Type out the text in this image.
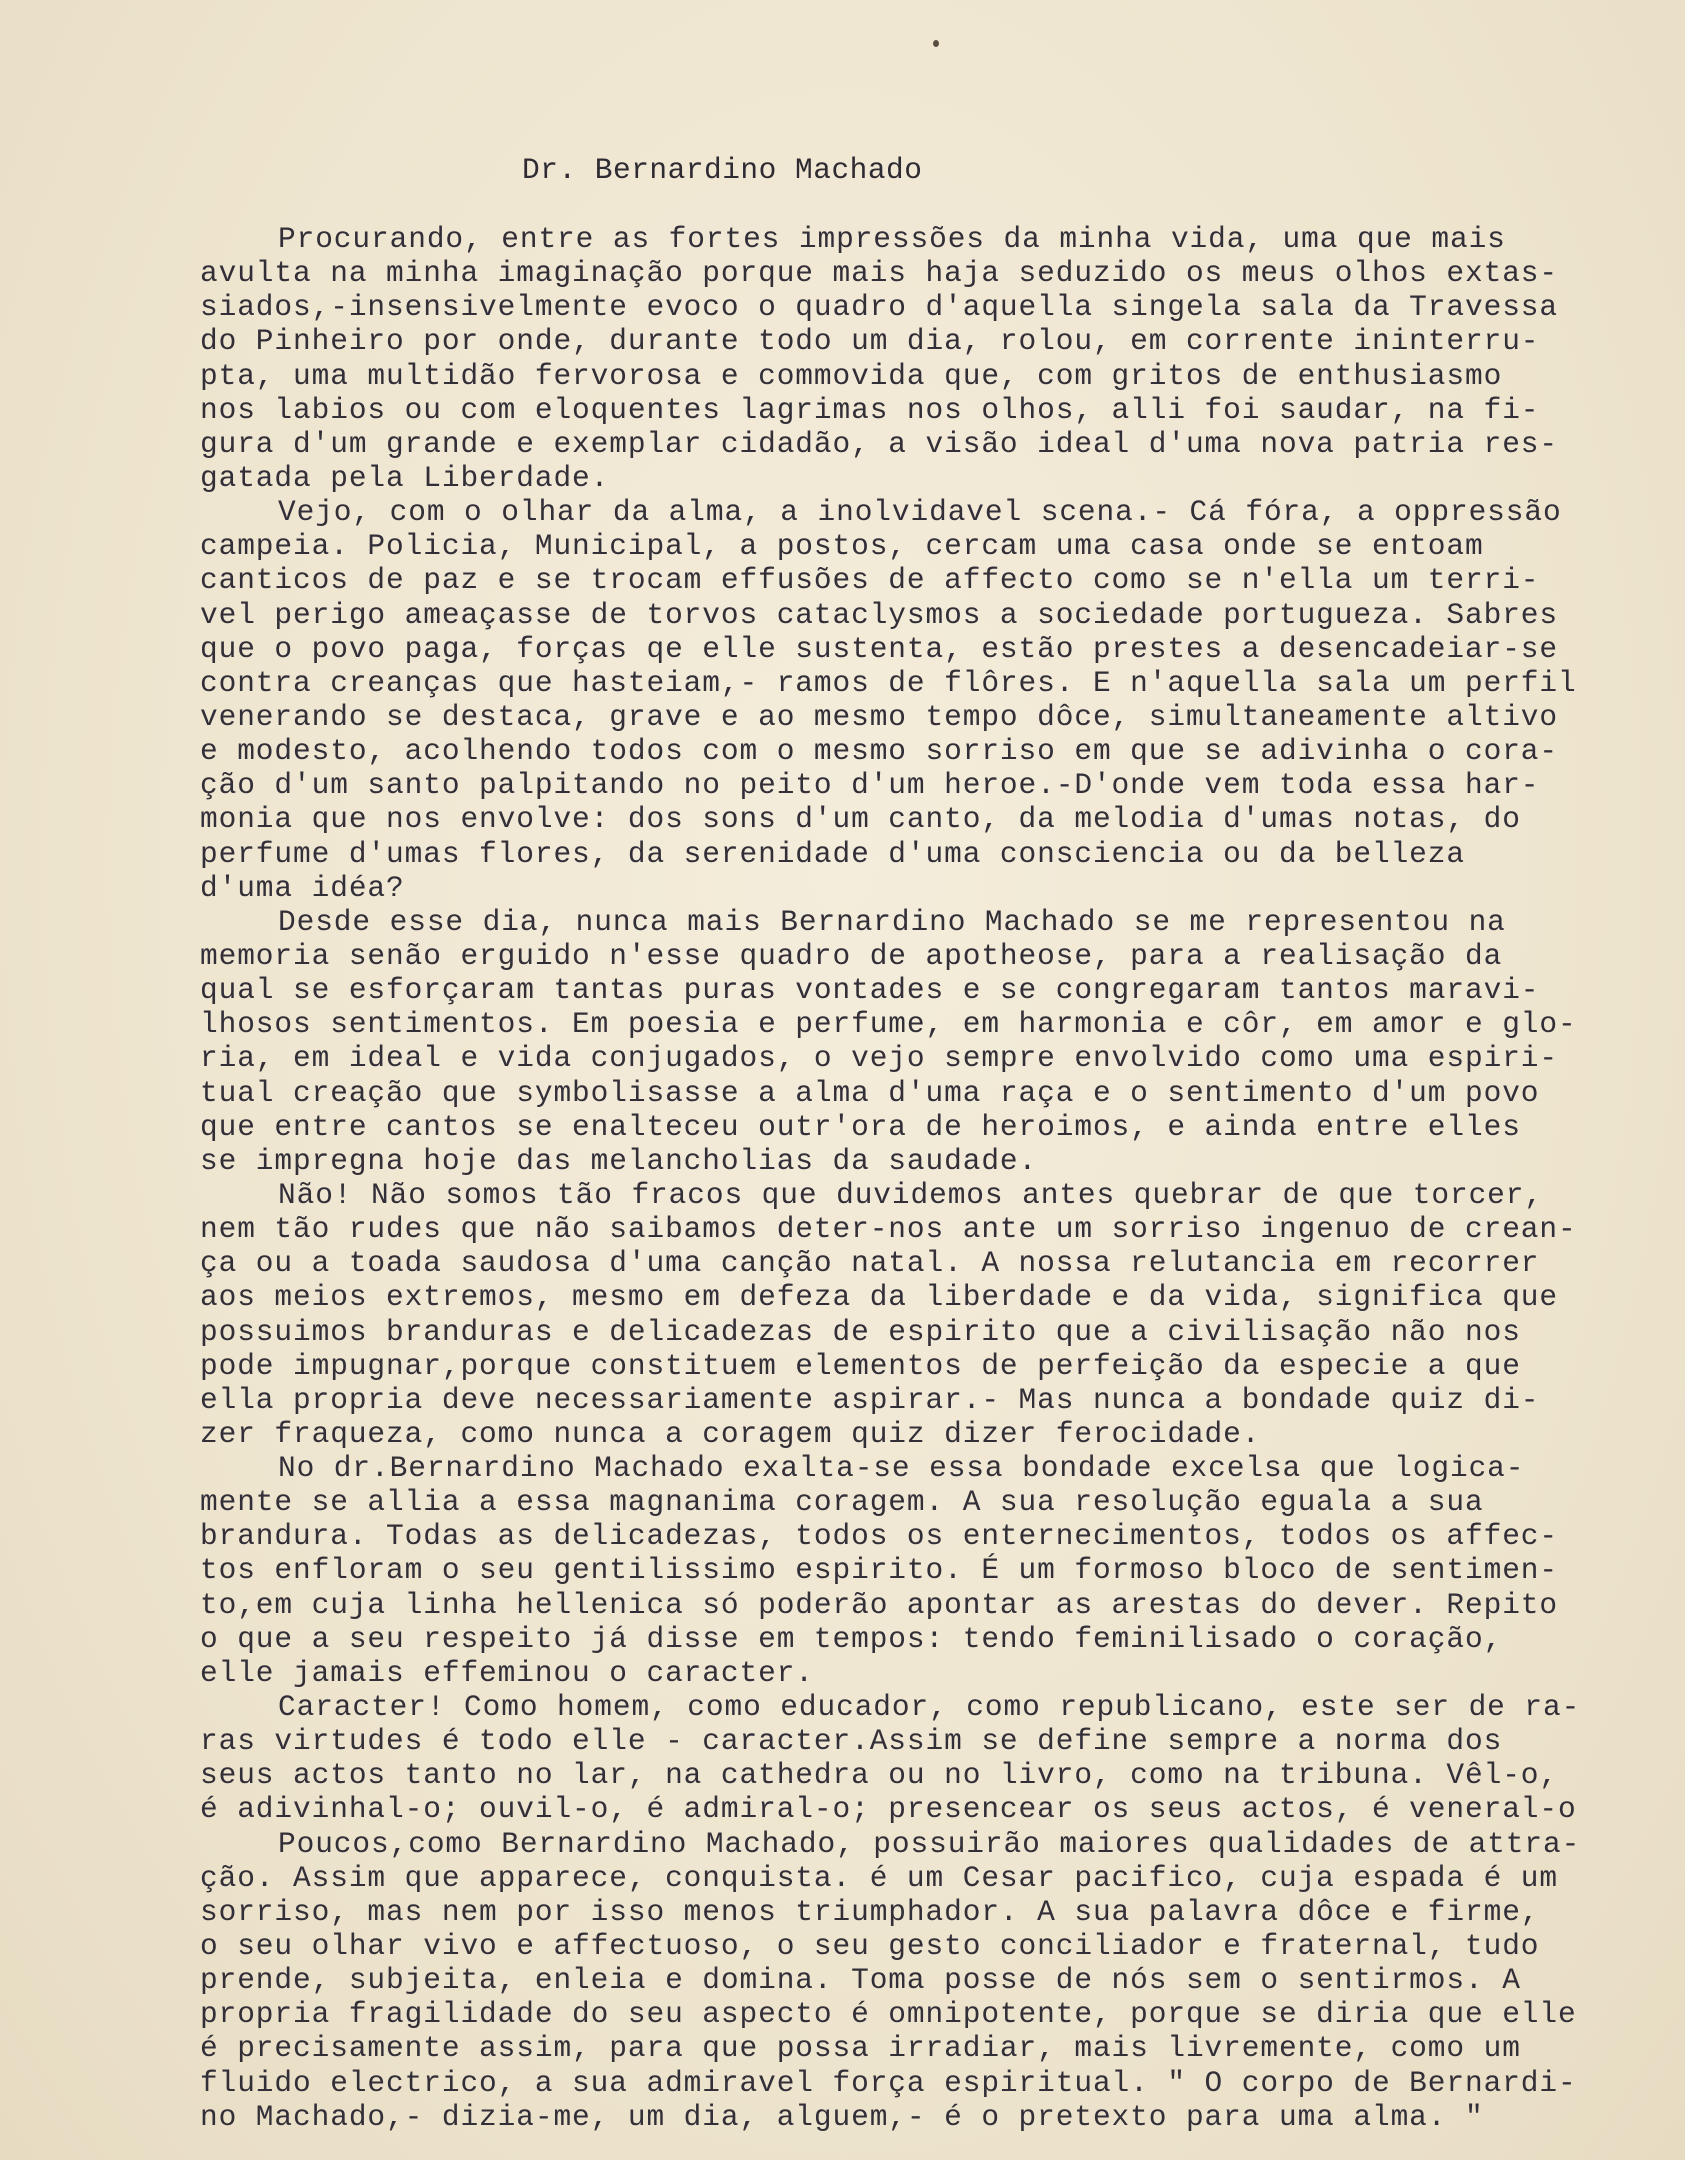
Dr. Bernardino Machado
Procurando, entre as fortes impressões da minha vida, uma que mais
avulta na minha imaginação porque mais haja seduzido os meus olhos extas-
siados,-insensivelmente evoco o quadro d'aquella singela sala da Travessa
do Pinheiro por onde, durante todo um dia, rolou, em corrente ininterru-
pta, uma multidão fervorosa e commovida que, com gritos de enthusiasmo
nos labios ou com eloquentes lagrimas nos olhos, alli foi saudar, na fi-
gura d'um grande e exemplar cidadão, a visão ideal d'uma nova patria res-
gatada pela Liberdade.
Vejo, com o olhar da alma, a inolvidavel scena.- Cá fóra, a oppressão
campeia. Policia, Municipal, a postos, cercam uma casa onde se entoam
canticos de paz e se trocam effusões de affecto como se n'ella um terri-
vel perigo ameaçasse de torvos cataclysmos a sociedade portugueza. Sabres
que o povo paga, forças qe elle sustenta, estão prestes a desencadeiar-se
contra creanças que hasteiam,- ramos de flôres. E n'aquella sala um perfil
venerando se destaca, grave e ao mesmo tempo dôce, simultaneamente altivo
e modesto, acolhendo todos com o mesmo sorriso em que se adivinha o cora-
ção d'um santo palpitando no peito d'um heroe.-D'onde vem toda essa har-
monia que nos envolve: dos sons d'um canto, da melodia d'umas notas, do
perfume d'umas flores, da serenidade d'uma consciencia ou da belleza
d'uma idéa?
Desde esse dia, nunca mais Bernardino Machado se me representou na
memoria senão erguido n'esse quadro de apotheose, para a realisação da
qual se esforçaram tantas puras vontades e se congregaram tantos maravi-
lhosos sentimentos. Em poesia e perfume, em harmonia e côr, em amor e glo-
ria, em ideal e vida conjugados, o vejo sempre envolvido como uma espiri-
tual creação que symbolisasse a alma d'uma raça e o sentimento d'um povo
que entre cantos se enalteceu outr'ora de heroimos, e ainda entre elles
se impregna hoje das melancholias da saudade.
Não! Não somos tão fracos que duvidemos antes quebrar de que torcer,
nem tão rudes que não saibamos deter-nos ante um sorriso ingenuo de crean-
ça ou a toada saudosa d'uma canção natal. A nossa relutancia em recorrer
aos meios extremos, mesmo em defeza da liberdade e da vida, significa que
possuimos branduras e delicadezas de espirito que a civilisação não nos
pode impugnar,porque constituem elementos de perfeição da especie a que
ella propria deve necessariamente aspirar.- Mas nunca a bondade quiz di-
zer fraqueza, como nunca a coragem quiz dizer ferocidade.
No dr.Bernardino Machado exalta-se essa bondade excelsa que logica-
mente se allia a essa magnanima coragem. A sua resolução eguala a sua
brandura. Todas as delicadezas, todos os enternecimentos, todos os affec-
tos enfloram o seu gentilissimo espirito. É um formoso bloco de sentimen-
to,em cuja linha hellenica só poderão apontar as arestas do dever. Repito
o que a seu respeito já disse em tempos: tendo feminilisado o coração,
elle jamais effeminou o caracter.
Caracter! Como homem, como educador, como republicano, este ser de ra-
ras virtudes é todo elle - caracter.Assim se define sempre a norma dos
seus actos tanto no lar, na cathedra ou no livro, como na tribuna. Vêl-o,
é adivinhal-o; ouvil-o, é admiral-o; presencear os seus actos, é veneral-o
Poucos,como Bernardino Machado, possuirão maiores qualidades de attra-
ção. Assim que apparece, conquista. é um Cesar pacifico, cuja espada é um
sorriso, mas nem por isso menos triumphador. A sua palavra dôce e firme,
o seu olhar vivo e affectuoso, o seu gesto conciliador e fraternal, tudo
prende, subjeita, enleia e domina. Toma posse de nós sem o sentirmos. A
propria fragilidade do seu aspecto é omnipotente, porque se diria que elle
é precisamente assim, para que possa irradiar, mais livremente, como um
fluido electrico, a sua admiravel força espiritual. " O corpo de Bernardi-
no Machado,- dizia-me, um dia, alguem,- é o pretexto para uma alma. "
